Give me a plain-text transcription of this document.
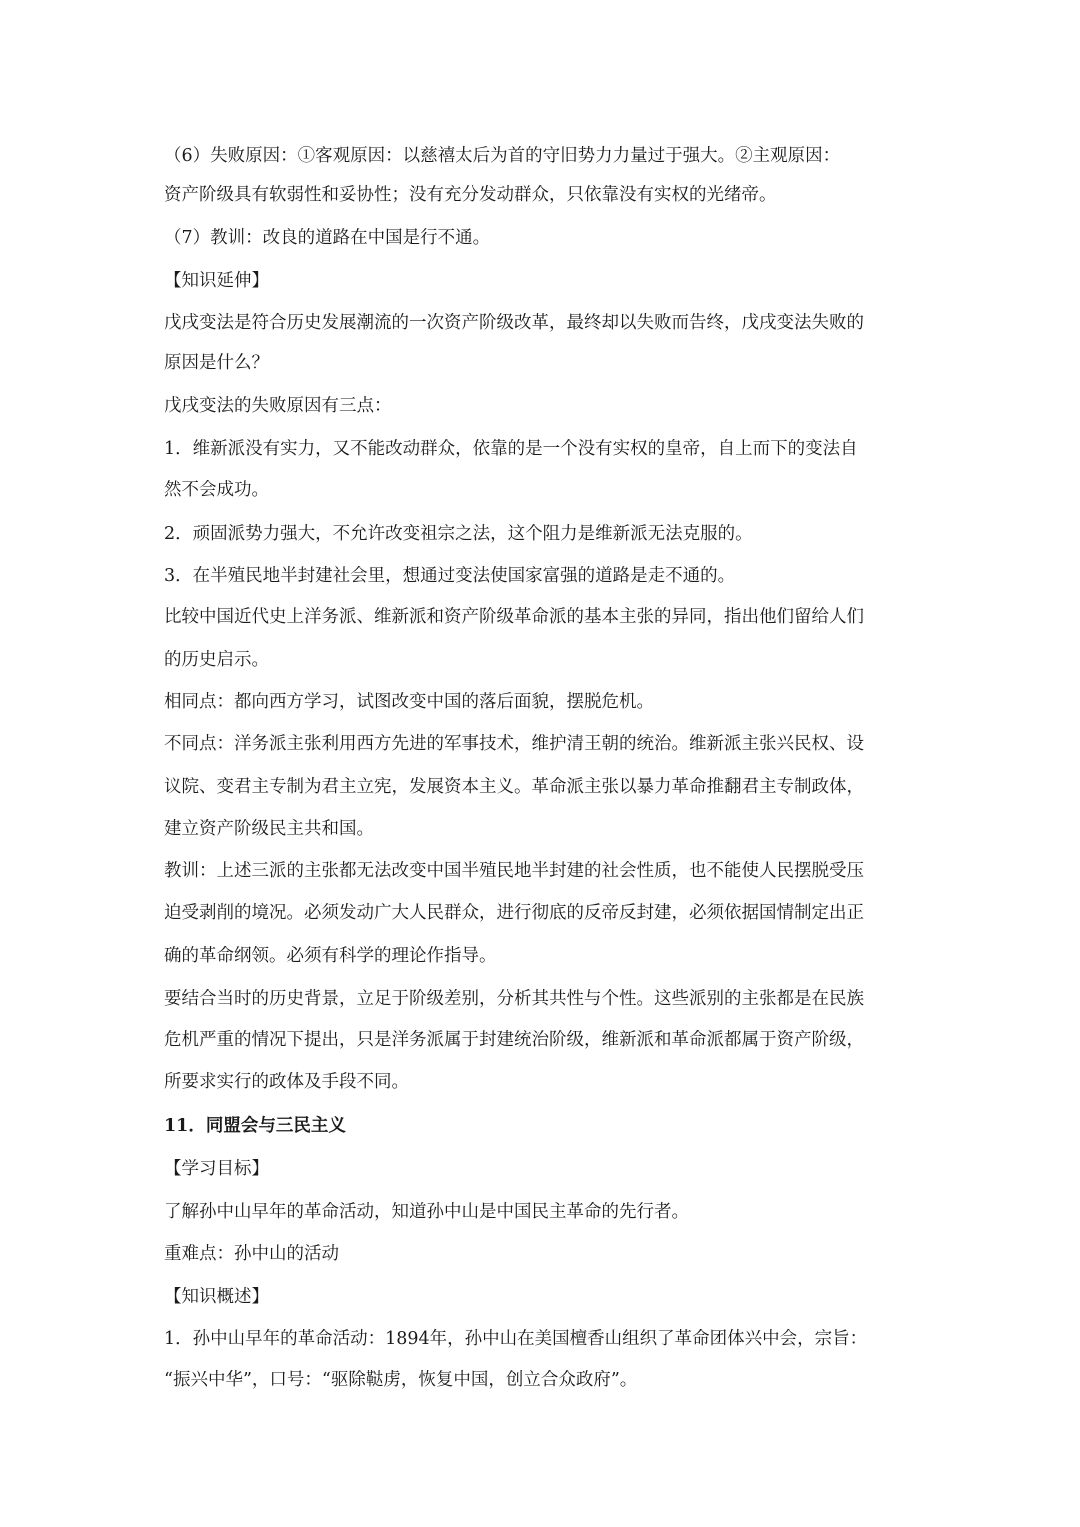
（6）失败原因：①客观原因：以慈禧太后为首的守旧势力力量过于强大。②主观原因：
资产阶级具有软弱性和妥协性；没有充分发动群众，只依靠没有实权的光绪帝。
（7）教训：改良的道路在中国是行不通。
【知识延伸】
戊戌变法是符合历史发展潮流的一次资产阶级改革，最终却以失败而告终，戊戌变法失败的
原因是什么？
戊戌变法的失败原因有三点：
1．维新派没有实力，又不能改动群众，依靠的是一个没有实权的皇帝，自上而下的变法自
然不会成功。
2．顽固派势力强大，不允许改变祖宗之法，这个阻力是维新派无法克服的。
3．在半殖民地半封建社会里，想通过变法使国家富强的道路是走不通的。
比较中国近代史上洋务派、维新派和资产阶级革命派的基本主张的异同，指出他们留给人们
的历史启示。
相同点：都向西方学习，试图改变中国的落后面貌，摆脱危机。
不同点：洋务派主张利用西方先进的军事技术，维护清王朝的统治。维新派主张兴民权、设
议院、变君主专制为君主立宪，发展资本主义。革命派主张以暴力革命推翻君主专制政体，
建立资产阶级民主共和国。
教训：上述三派的主张都无法改变中国半殖民地半封建的社会性质，也不能使人民摆脱受压
迫受剥削的境况。必须发动广大人民群众，进行彻底的反帝反封建，必须依据国情制定出正
确的革命纲领。必须有科学的理论作指导。
要结合当时的历史背景，立足于阶级差别，分析其共性与个性。这些派别的主张都是在民族
危机严重的情况下提出，只是洋务派属于封建统治阶级，维新派和革命派都属于资产阶级，
所要求实行的政体及手段不同。
11．同盟会与三民主义
【学习目标】
了解孙中山早年的革命活动，知道孙中山是中国民主革命的先行者。
重难点：孙中山的活动
【知识概述】
1．孙中山早年的革命活动：1894年，孙中山在美国檀香山组织了革命团体兴中会，宗旨：
“振兴中华”，口号：“驱除鞑虏，恢复中国，创立合众政府”。
